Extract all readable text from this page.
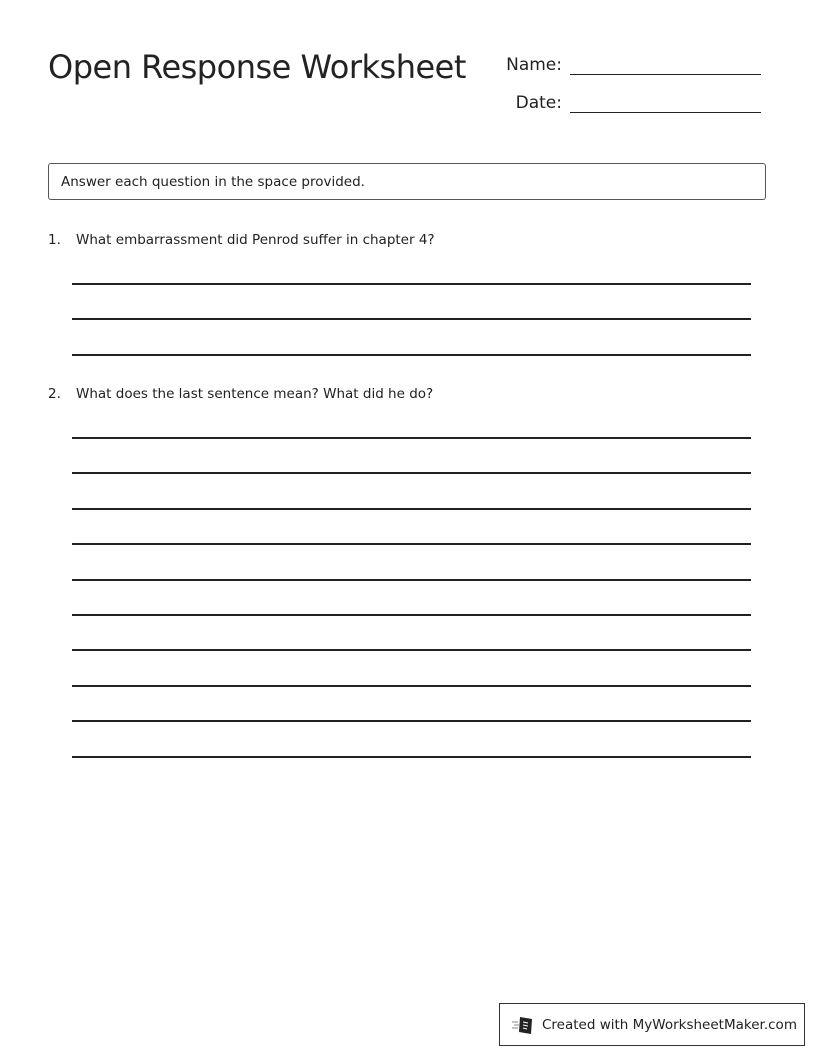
Open Response Worksheet	Name:
Date:
Answer each question in the space provided.
1. What embarrassment did Penrod suffer in chapter 4?
2. What does the last sentence mean? What did he do?
Created with MyWorksheetMaker.com
